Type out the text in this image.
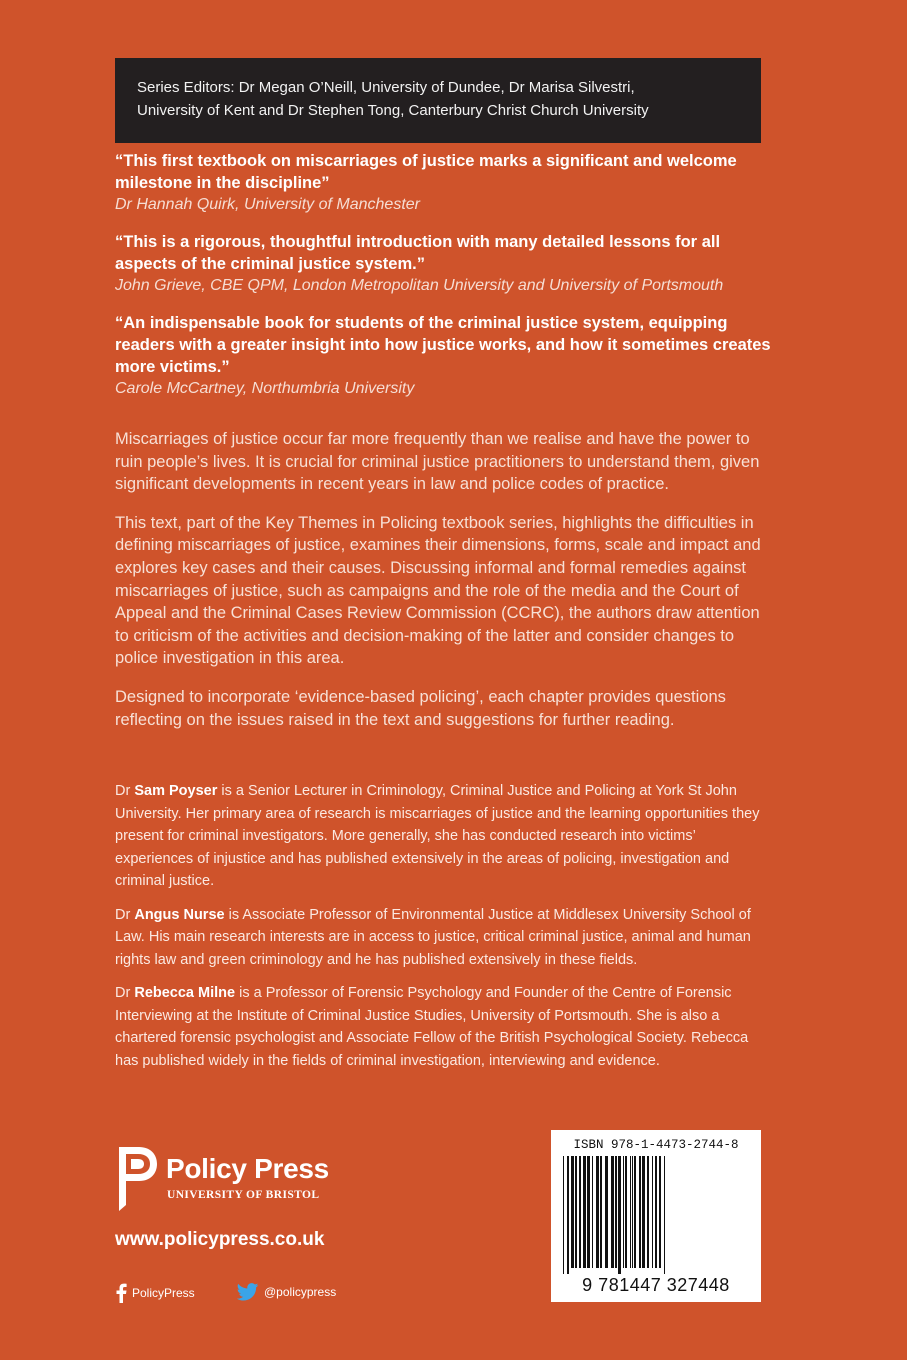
Series Editors: Dr Megan O’Neill, University of Dundee, Dr Marisa Silvestri,
University of Kent and Dr Stephen Tong, Canterbury Christ Church University
“This first textbook on miscarriages of justice marks a significant and welcome milestone in the discipline”
Dr Hannah Quirk, University of Manchester
“This is a rigorous, thoughtful introduction with many detailed lessons for all aspects of the criminal justice system.”
John Grieve, CBE QPM, London Metropolitan University and University of Portsmouth
“An indispensable book for students of the criminal justice system, equipping readers with a greater insight into how justice works, and how it sometimes creates more victims.”
Carole McCartney, Northumbria University

Miscarriages of justice occur far more frequently than we realise and have the power to ruin people’s lives. It is crucial for criminal justice practitioners to understand them, given significant developments in recent years in law and police codes of practice.

This text, part of the Key Themes in Policing textbook series, highlights the difficulties in defining miscarriages of justice, examines their dimensions, forms, scale and impact and explores key cases and their causes. Discussing informal and formal remedies against miscarriages of justice, such as campaigns and the role of the media and the Court of Appeal and the Criminal Cases Review Commission (CCRC), the authors draw attention to criticism of the activities and decision-making of the latter and consider changes to police investigation in this area.

Designed to incorporate ‘evidence-based policing’, each chapter provides questions reflecting on the issues raised in the text and suggestions for further reading.

Dr Sam Poyser is a Senior Lecturer in Criminology, Criminal Justice and Policing at York St John University. Her primary area of research is miscarriages of justice and the learning opportunities they present for criminal investigators. More generally, she has conducted research into victims’ experiences of injustice and has published extensively in the areas of policing, investigation and criminal justice.

Dr Angus Nurse is Associate Professor of Environmental Justice at Middlesex University School of Law. His main research interests are in access to justice, critical criminal justice, animal and human rights law and green criminology and he has published extensively in these fields.

Dr Rebecca Milne is a Professor of Forensic Psychology and Founder of the Centre of Forensic Interviewing at the Institute of Criminal Justice Studies, University of Portsmouth. She is also a chartered forensic psychologist and Associate Fellow of the British Psychological Society. Rebecca has published widely in the fields of criminal investigation, interviewing and evidence.

Policy Press
UNIVERSITY OF BRISTOL
www.policypress.co.uk
PolicyPress	@policypress
ISBN 978-1-4473-2744-8
9 781447 327448
